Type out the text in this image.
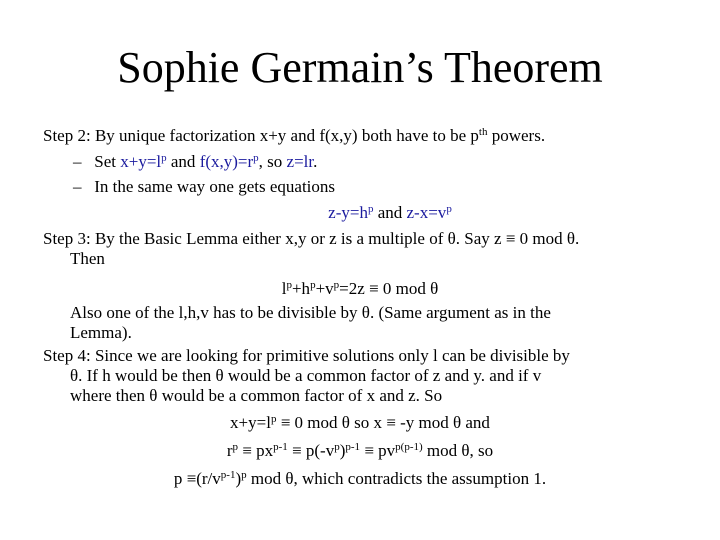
Sophie Germain’s Theorem
Step 2: By unique factorization x+y and f(x,y) both have to be $p^{th}$ powers.
– Set $x+y=l^p$ and $f(x,y)=r^p$, so z=lr.
– In the same way one gets equations
$z-y=h^p$ and $z-x=v^p$
Step 3: By the Basic Lemma either x,y or z is a multiple of θ. Say z ≡ 0 mod θ.
Then
$l^p+h^p+v^p=2z \equiv 0$ mod θ
Also one of the l,h,v has to be divisible by θ. (Same argument as in the
Lemma).
Step 4: Since we are looking for primitive solutions only l can be divisible by
θ. If h would be then θ would be a common factor of z and y. and if v
where then θ would be a common factor of x and z. So
$x+y=l^p \equiv 0$ mod θ so x ≡ -y mod θ and
$r^p \equiv px^{p-1} \equiv p(-v^p)^{p-1} \equiv pv^{p(p-1)}$ mod θ, so
$p \equiv(r/v^{p-1})^p$ mod θ, which contradicts the assumption 1.
